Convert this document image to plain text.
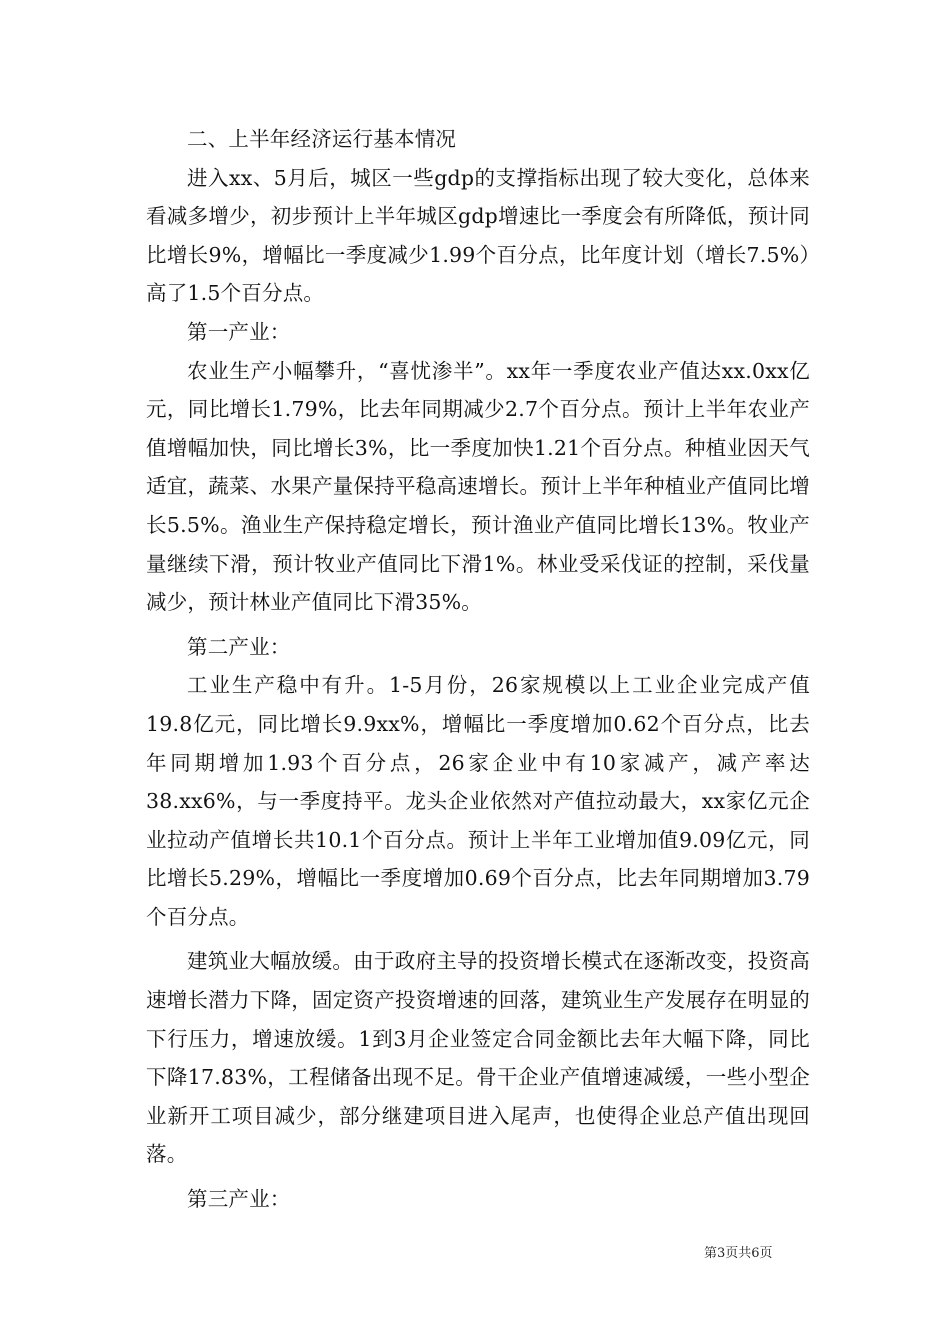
二、上半年经济运行基本情况

进入xx、5月后，城区一些gdp的支撑指标出现了较大变化，总体来看减多增少，初步预计上半年城区gdp增速比一季度会有所降低，预计同比增长9%，增幅比一季度减少1.99个百分点，比年度计划（增长7.5%）高了1.5个百分点。

第一产业：

农业生产小幅攀升，“喜忧渗半”。xx年一季度农业产值达xx.0xx亿元，同比增长1.79%，比去年同期减少2.7个百分点。预计上半年农业产值增幅加快，同比增长3%，比一季度加快1.21个百分点。种植业因天气适宜，蔬菜、水果产量保持平稳高速增长。预计上半年种植业产值同比增长5.5%。渔业生产保持稳定增长，预计渔业产值同比增长13%。牧业产量继续下滑，预计牧业产值同比下滑1%。林业受采伐证的控制，采伐量减少，预计林业产值同比下滑35%。

第二产业：

工业生产稳中有升。1-5月份，26家规模以上工业企业完成产值19.8亿元，同比增长9.9xx%，增幅比一季度增加0.62个百分点，比去年同期增加1.93个百分点，26家企业中有10家减产，减产率达38.xx6%，与一季度持平。龙头企业依然对产值拉动最大，xx家亿元企业拉动产值增长共10.1个百分点。预计上半年工业增加值9.09亿元，同比增长5.29%，增幅比一季度增加0.69个百分点，比去年同期增加3.79个百分点。

建筑业大幅放缓。由于政府主导的投资增长模式在逐渐改变，投资高速增长潜力下降，固定资产投资增速的回落，建筑业生产发展存在明显的下行压力，增速放缓。1到3月企业签定合同金额比去年大幅下降，同比下降17.83%，工程储备出现不足。骨干企业产值增速减缓，一些小型企业新开工项目减少，部分继建项目进入尾声，也使得企业总产值出现回落。

第三产业：

第3页共6页
